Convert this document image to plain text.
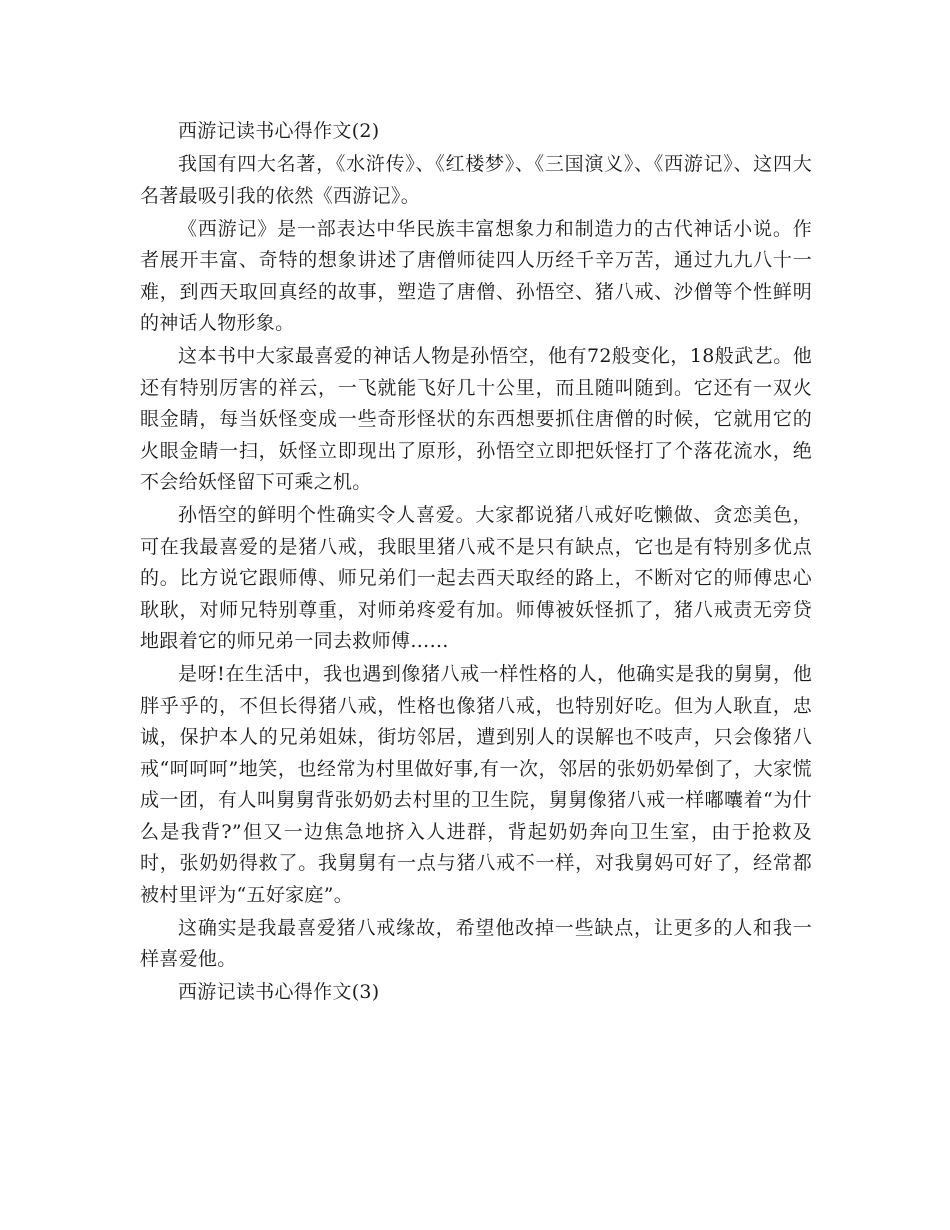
西游记读书心得作文(2)

我国有四大名著，《水浒传》、《红楼梦》、《三国演义》、《西游记》、这四大名著最吸引我的依然《西游记》。

《西游记》是一部表达中华民族丰富想象力和制造力的古代神话小说。作者展开丰富、奇特的想象讲述了唐僧师徒四人历经千辛万苦，通过九九八十一难，到西天取回真经的故事，塑造了唐僧、孙悟空、猪八戒、沙僧等个性鲜明的神话人物形象。

这本书中大家最喜爱的神话人物是孙悟空，他有72般变化，18般武艺。他还有特别厉害的祥云，一飞就能飞好几十公里，而且随叫随到。它还有一双火眼金睛，每当妖怪变成一些奇形怪状的东西想要抓住唐僧的时候，它就用它的火眼金睛一扫，妖怪立即现出了原形，孙悟空立即把妖怪打了个落花流水，绝不会给妖怪留下可乘之机。

孙悟空的鲜明个性确实令人喜爱。大家都说猪八戒好吃懒做、贪恋美色，可在我最喜爱的是猪八戒，我眼里猪八戒不是只有缺点，它也是有特别多优点的。比方说它跟师傅、师兄弟们一起去西天取经的路上，不断对它的师傅忠心耿耿，对师兄特别尊重，对师弟疼爱有加。师傅被妖怪抓了，猪八戒责无旁贷地跟着它的师兄弟一同去救师傅……

是呀!在生活中，我也遇到像猪八戒一样性格的人，他确实是我的舅舅，他胖乎乎的，不但长得猪八戒，性格也像猪八戒，也特别好吃。但为人耿直，忠诚，保护本人的兄弟姐妹，街坊邻居，遭到别人的误解也不吱声，只会像猪八戒“呵呵呵”地笑，也经常为村里做好事,有一次，邻居的张奶奶晕倒了，大家慌成一团，有人叫舅舅背张奶奶去村里的卫生院，舅舅像猪八戒一样嘟囔着“为什么是我背?”但又一边焦急地挤入人进群，背起奶奶奔向卫生室，由于抢救及时，张奶奶得救了。我舅舅有一点与猪八戒不一样，对我舅妈可好了，经常都被村里评为“五好家庭”。

这确实是我最喜爱猪八戒缘故，希望他改掉一些缺点，让更多的人和我一样喜爱他。

西游记读书心得作文(3)
